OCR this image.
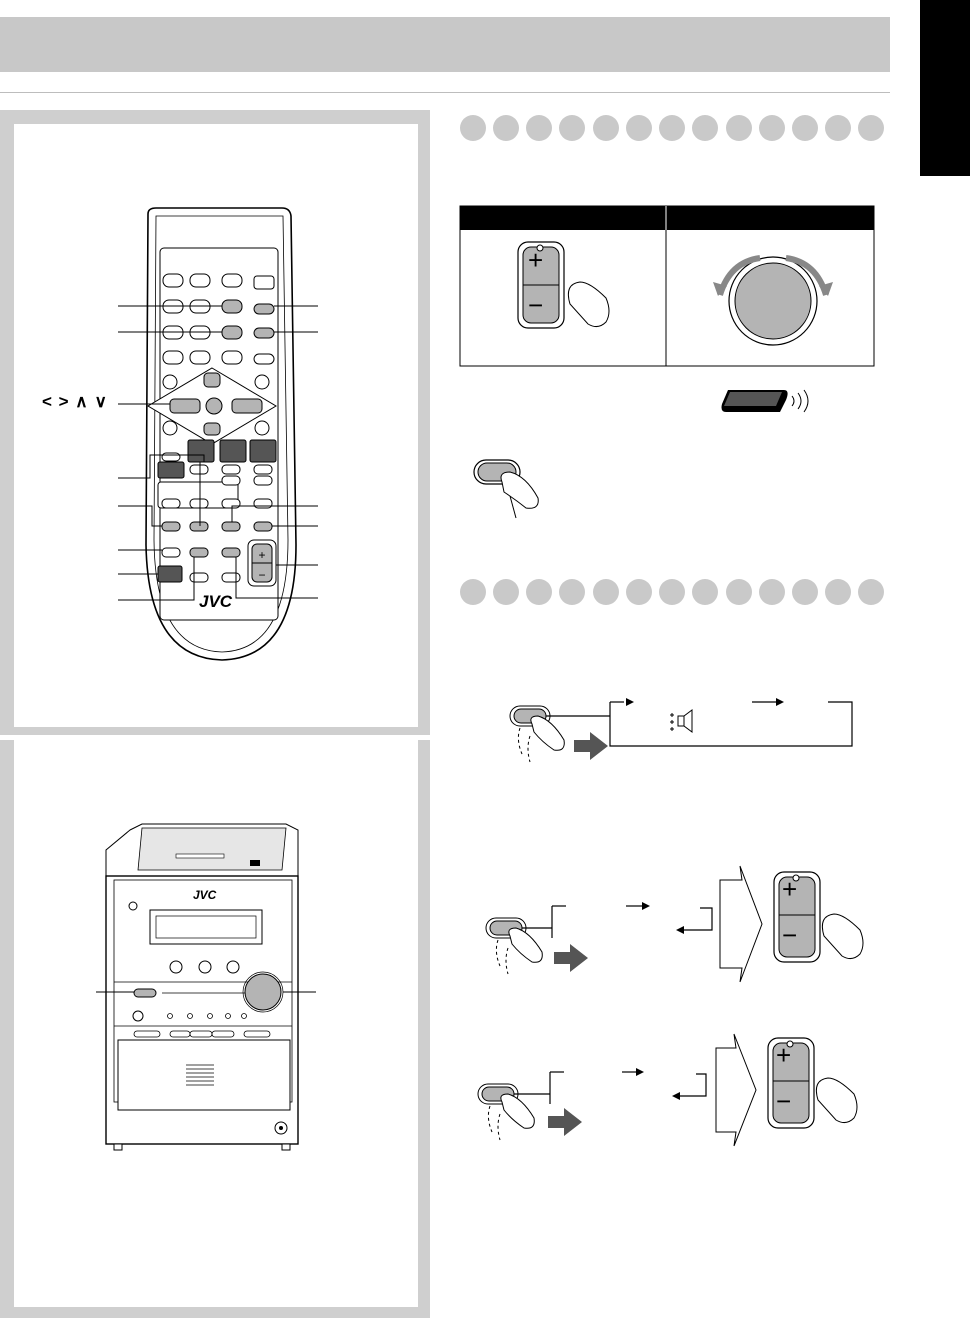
+
−
< > ∧ ∨
JVC
JVC
+
−
+
−
+
−
